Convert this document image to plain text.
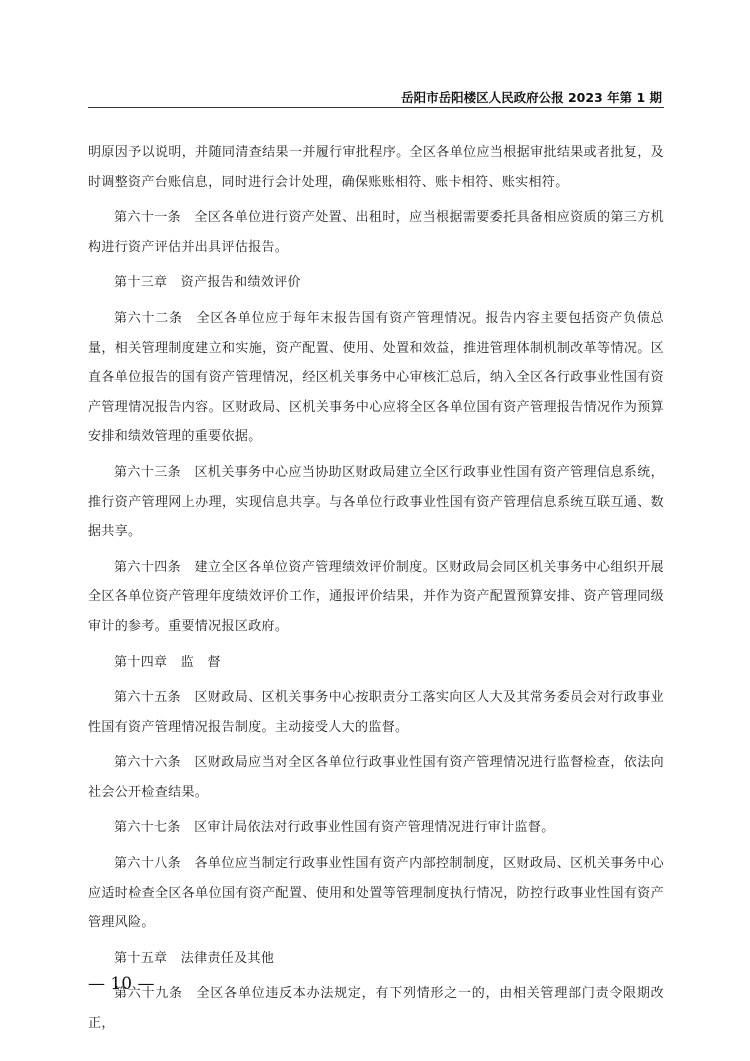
岳阳市岳阳楼区人民政府公报 2023 年第 1 期

明原因予以说明，并随同清查结果一并履行审批程序。全区各单位应当根据审批结果或者批复，及时调整资产台账信息，同时进行会计处理，确保账账相符、账卡相符、账实相符。

第六十一条　全区各单位进行资产处置、出租时，应当根据需要委托具备相应资质的第三方机构进行资产评估并出具评估报告。

第十三章　资产报告和绩效评价

第六十二条　全区各单位应于每年末报告国有资产管理情况。报告内容主要包括资产负债总量，相关管理制度建立和实施，资产配置、使用、处置和效益，推进管理体制机制改革等情况。区直各单位报告的国有资产管理情况，经区机关事务中心审核汇总后，纳入全区各行政事业性国有资产管理情况报告内容。区财政局、区机关事务中心应将全区各单位国有资产管理报告情况作为预算安排和绩效管理的重要依据。

第六十三条　区机关事务中心应当协助区财政局建立全区行政事业性国有资产管理信息系统，推行资产管理网上办理，实现信息共享。与各单位行政事业性国有资产管理信息系统互联互通、数据共享。

第六十四条　建立全区各单位资产管理绩效评价制度。区财政局会同区机关事务中心组织开展全区各单位资产管理年度绩效评价工作，通报评价结果，并作为资产配置预算安排、资产管理同级审计的参考。重要情况报区政府。

第十四章　监　督

第六十五条　区财政局、区机关事务中心按职责分工落实向区人大及其常务委员会对行政事业性国有资产管理情况报告制度。主动接受人大的监督。

第六十六条　区财政局应当对全区各单位行政事业性国有资产管理情况进行监督检查，依法向社会公开检查结果。

第六十七条　区审计局依法对行政事业性国有资产管理情况进行审计监督。

第六十八条　各单位应当制定行政事业性国有资产内部控制制度，区财政局、区机关事务中心应适时检查全区各单位国有资产配置、使用和处置等管理制度执行情况，防控行政事业性国有资产管理风险。

第十五章　法律责任及其他

第六十九条　全区各单位违反本办法规定，有下列情形之一的，由相关管理部门责令限期改正，

— 10 —
